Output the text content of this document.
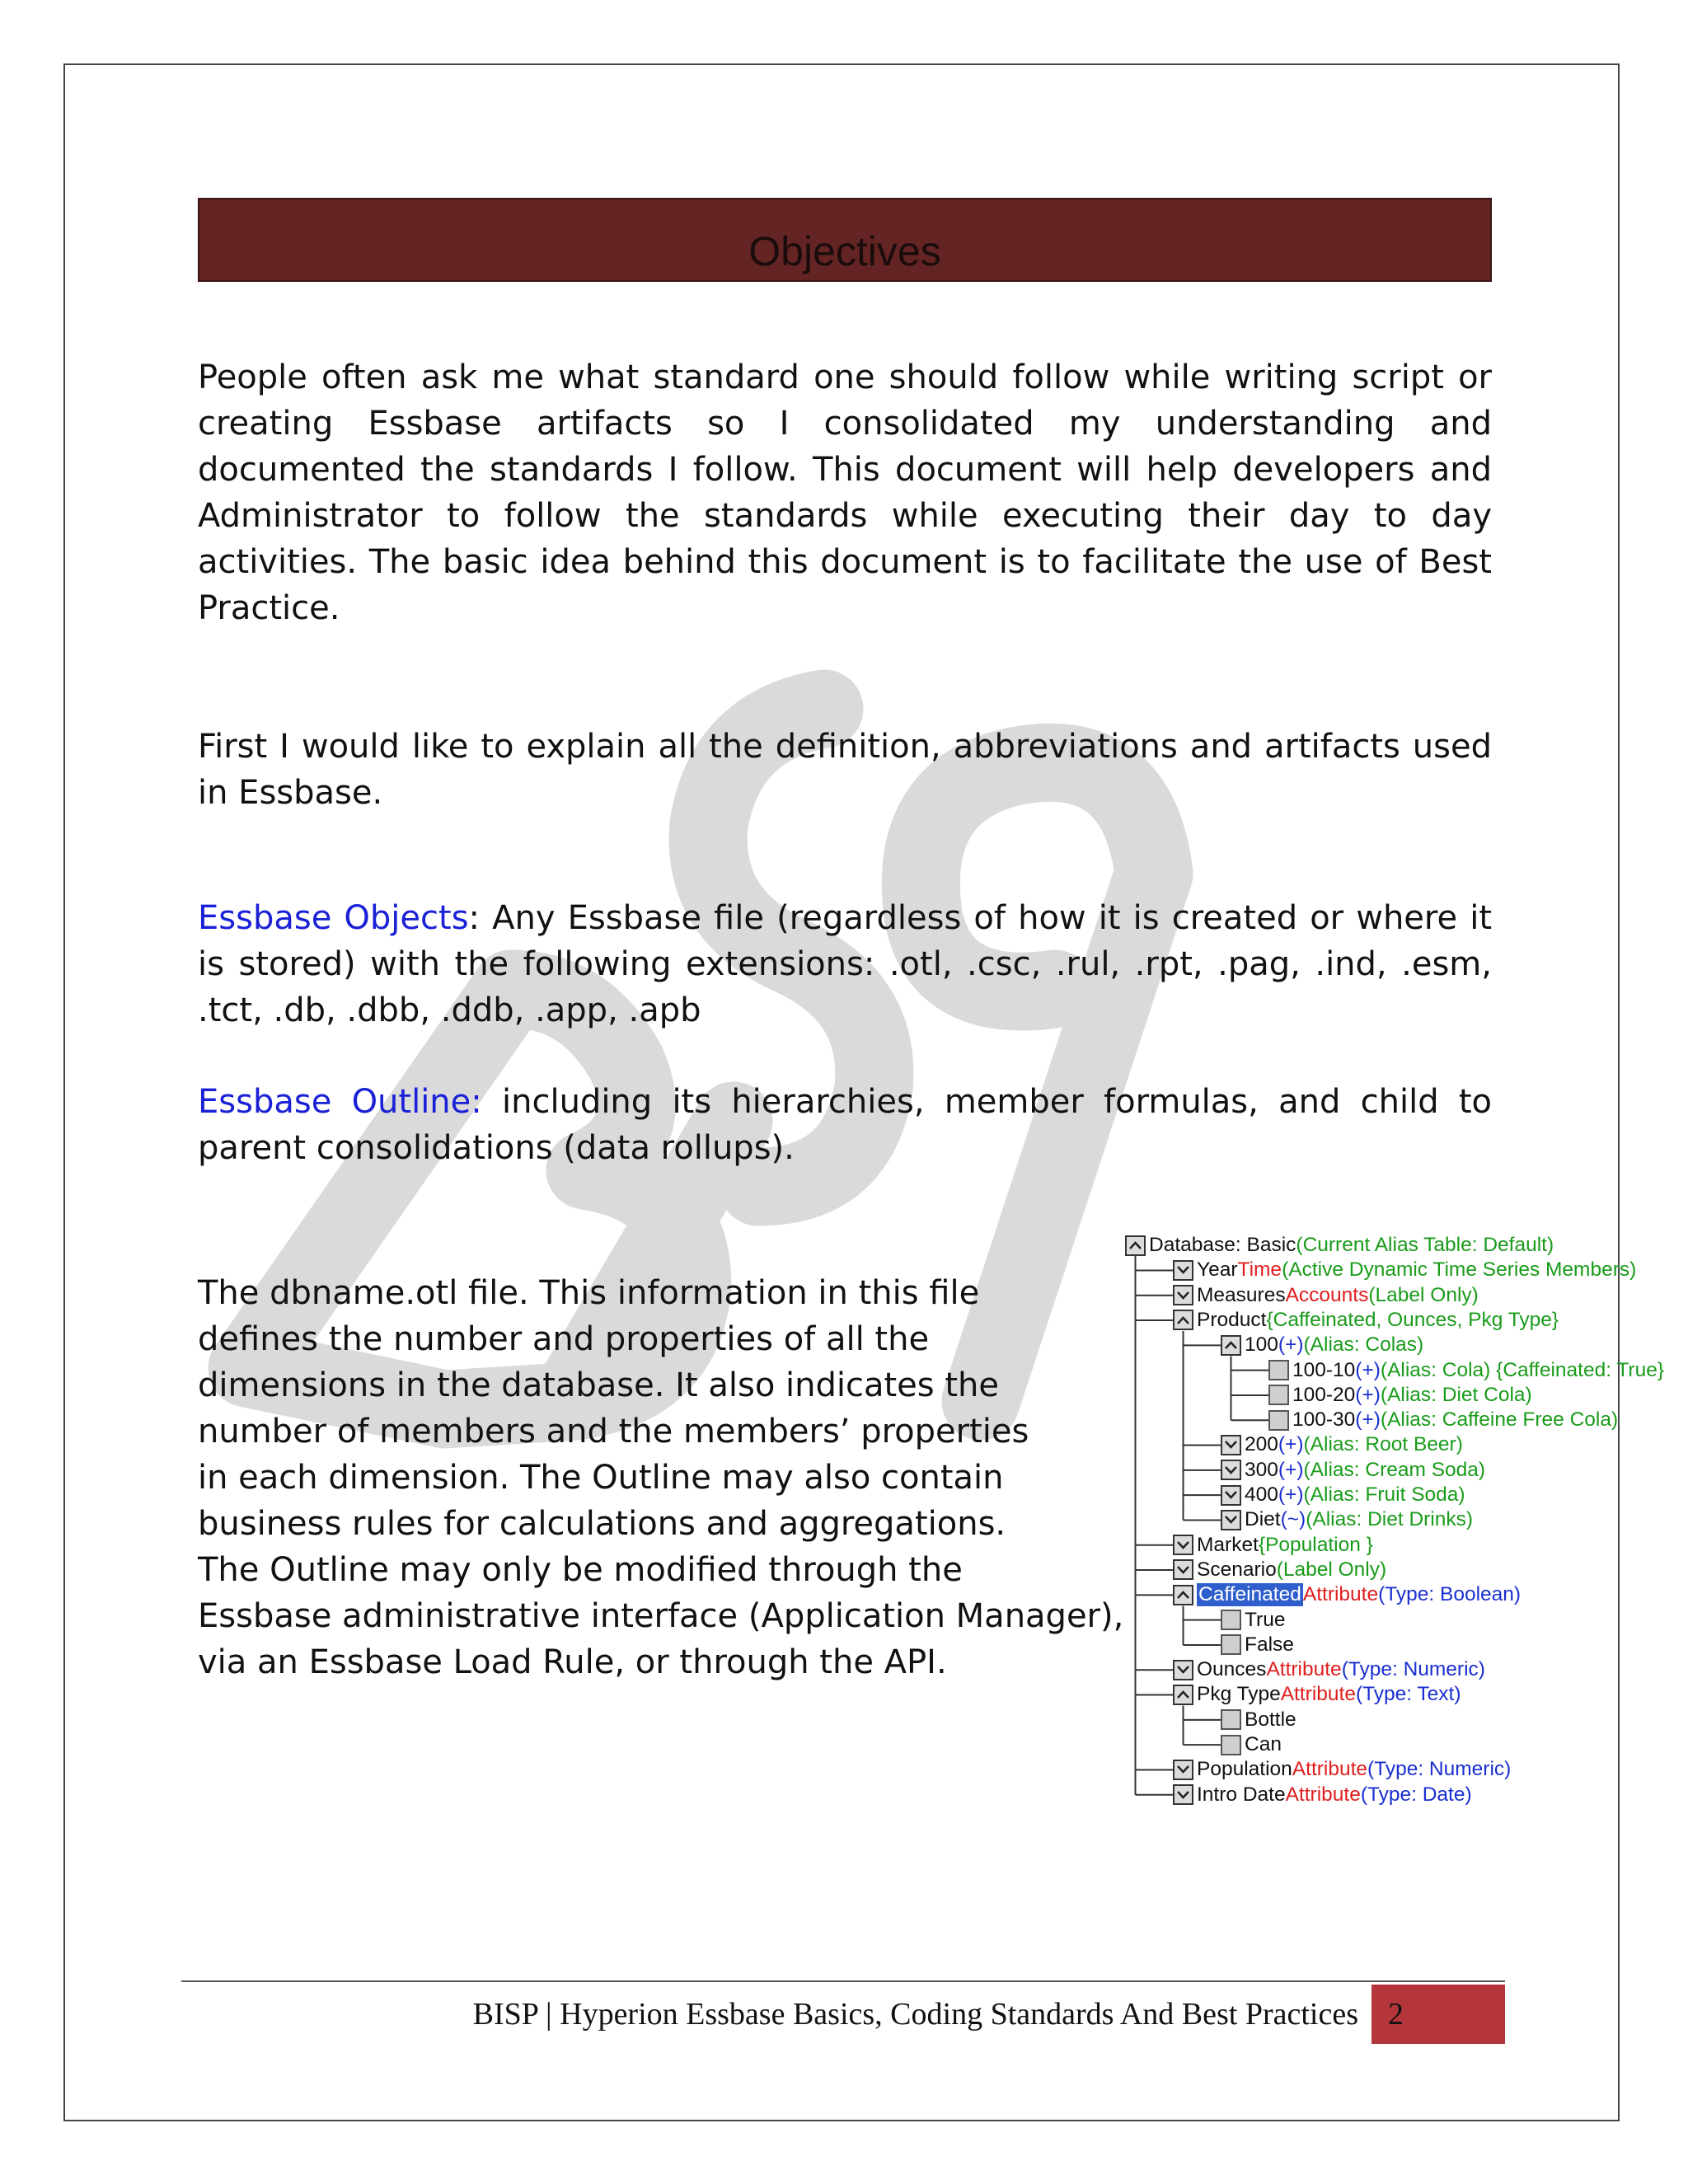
Objectives

People often ask me what standard one should follow while writing script or creating Essbase artifacts so I consolidated my understanding and documented the standards I follow. This document will help developers and Administrator to follow the standards while executing their day to day activities. The basic idea behind this document is to facilitate the use of Best Practice.

First I would like to explain all the definition, abbreviations and artifacts used in Essbase.

Essbase Objects: Any Essbase file (regardless of how it is created or where it is stored) with the following extensions: .otl, .csc, .rul, .rpt, .pag, .ind, .esm, .tct, .db, .dbb, .ddb, .app, .apb

Essbase Outline: including its hierarchies, member formulas, and child to parent consolidations (data rollups).

The dbname.otl file. This information in this file

defines the number and properties of all the

dimensions in the database. It also indicates the

number of members and the members’ properties

in each dimension. The Outline may also contain

business rules for calculations and aggregations.

The Outline may only be modified through the

Essbase administrative interface (Application Manager),

via an Essbase Load Rule, or through the API.

Database: Basic (Current Alias Table: Default)
Year Time (Active Dynamic Time Series Members)
Measures Accounts (Label Only)
Product {Caffeinated, Ounces, Pkg Type}
100 (+) (Alias: Colas)
100-10 (+) (Alias: Cola) {Caffeinated: True}
100-20 (+) (Alias: Diet Cola)
100-30 (+) (Alias: Caffeine Free Cola)
200 (+) (Alias: Root Beer)
300 (+) (Alias: Cream Soda)
400 (+) (Alias: Fruit Soda)
Diet (~) (Alias: Diet Drinks)
Market {Population }
Scenario (Label Only)
Caffeinated Attribute (Type: Boolean)
True
False
Ounces Attribute (Type: Numeric)
Pkg Type Attribute (Type: Text)
Bottle
Can
Population Attribute (Type: Numeric)
Intro Date Attribute (Type: Date)
BISP | Hyperion Essbase Basics, Coding Standards And Best Practices 2
